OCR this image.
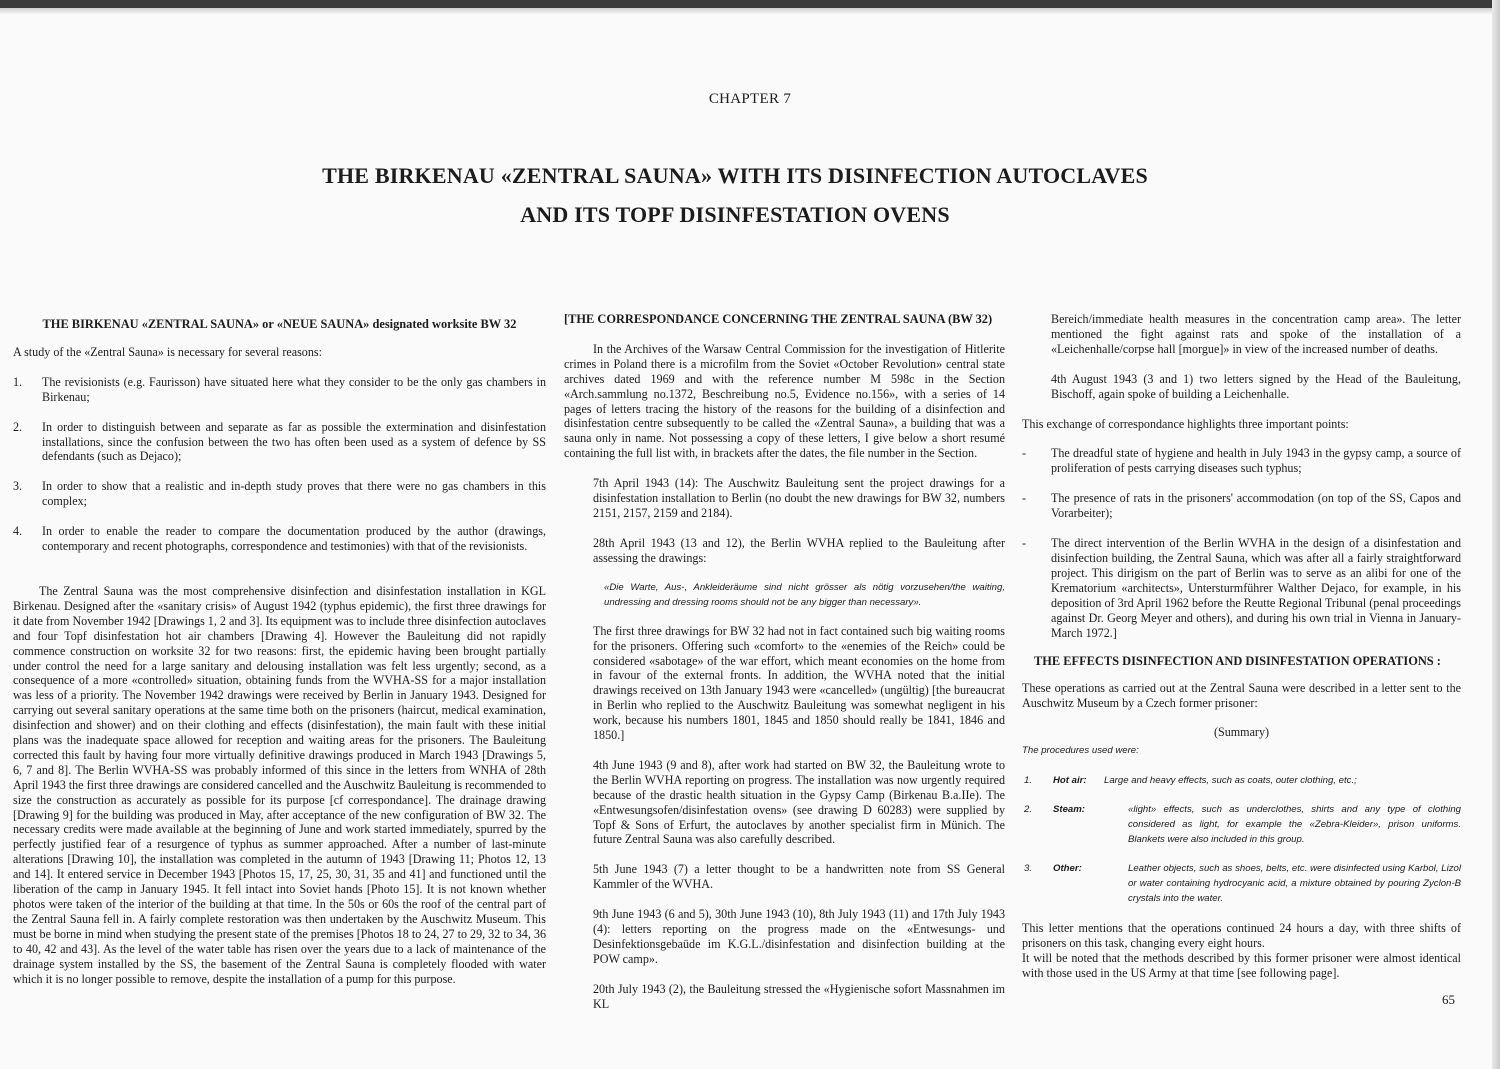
CHAPTER 7
THE BIRKENAU «ZENTRAL SAUNA» WITH ITS DISINFECTION AUTOCLAVES
AND ITS TOPF DISINFESTATION OVENS
THE BIRKENAU «ZENTRAL SAUNA» or «NEUE SAUNA» designated worksite BW 32

A study of the «Zentral Sauna» is necessary for several reasons:

1. The revisionists (e.g. Faurisson) have situated here what they consider to be the only gas chambers in Birkenau;
2. In order to distinguish between and separate as far as possible the extermination and disinfestation installations, since the confusion between the two has often been used as a system of defence by SS defendants (such as Dejaco);
3. In order to show that a realistic and in-depth study proves that there were no gas chambers in this complex;
4. In order to enable the reader to compare the documentation produced by the author (drawings, contemporary and recent photographs, correspondence and testimonies) with that of the revisionists.

The Zentral Sauna was the most comprehensive disinfection and disinfestation installation in KGL Birkenau. Designed after the «sanitary crisis» of August 1942 (typhus epidemic), the first three drawings for it date from November 1942 [Drawings 1, 2 and 3]. Its equipment was to include three disinfection autoclaves and four Topf disinfestation hot air chambers [Drawing 4]. However the Bauleitung did not rapidly commence construction on worksite 32 for two reasons: first, the epidemic having been brought partially under control the need for a large sanitary and delousing installation was felt less urgently; second, as a consequence of a more «controlled» situation, obtaining funds from the WVHA-SS for a major installation was less of a priority. The November 1942 drawings were received by Berlin in January 1943. Designed for carrying out several sanitary operations at the same time both on the prisoners (haircut, medical examination, disinfection and shower) and on their clothing and effects (disinfestation), the main fault with these initial plans was the inadequate space allowed for reception and waiting areas for the prisoners. The Bauleitung corrected this fault by having four more virtually definitive drawings produced in March 1943 [Drawings 5, 6, 7 and 8]. The Berlin WVHA-SS was probably informed of this since in the letters from WNHA of 28th April 1943 the first three drawings are considered cancelled and the Auschwitz Bauleitung is recommended to size the construction as accurately as possible for its purpose [cf correspondance]. The drainage drawing [Drawing 9] for the building was produced in May, after acceptance of the new configuration of BW 32. The necessary credits were made available at the beginning of June and work started immediately, spurred by the perfectly justified fear of a resurgence of typhus as summer approached. After a number of last-minute alterations [Drawing 10], the installation was completed in the autumn of 1943 [Drawing 11; Photos 12, 13 and 14]. It entered service in December 1943 [Photos 15, 17, 25, 30, 31, 35 and 41] and functioned until the liberation of the camp in January 1945. It fell intact into Soviet hands [Photo 15]. It is not known whether photos were taken of the interior of the building at that time. In the 50s or 60s the roof of the central part of the Zentral Sauna fell in. A fairly complete restoration was then undertaken by the Auschwitz Museum. This must be borne in mind when studying the present state of the premises [Photos 18 to 24, 27 to 29, 32 to 34, 36 to 40, 42 and 43]. As the level of the water table has risen over the years due to a lack of maintenance of the drainage system installed by the SS, the basement of the Zentral Sauna is completely flooded with water which it is no longer possible to remove, despite the installation of a pump for this purpose.

[THE CORRESPONDANCE CONCERNING THE ZENTRAL SAUNA (BW 32)

In the Archives of the Warsaw Central Commission for the investigation of Hitlerite crimes in Poland there is a microfilm from the Soviet «October Revolution» central state archives dated 1969 and with the reference number M 598c in the Section «Arch.sammlung no.1372, Beschreibung no.5, Evidence no.156», with a series of 14 pages of letters tracing the history of the reasons for the building of a disinfection and disinfestation centre subsequently to be called the «Zentral Sauna», a building that was a sauna only in name. Not possessing a copy of these letters, I give below a short resumé containing the full list with, in brackets after the dates, the file number in the Section.

7th April 1943 (14): The Auschwitz Bauleitung sent the project drawings for a disinfestation installation to Berlin (no doubt the new drawings for BW 32, numbers 2151, 2157, 2159 and 2184).

28th April 1943 (13 and 12), the Berlin WVHA replied to the Bauleitung after assessing the drawings:

«Die Warte, Aus-, Ankleideräume sind nicht grösser als nötig vorzusehen/the waiting, undressing and dressing rooms should not be any bigger than necessary».

The first three drawings for BW 32 had not in fact contained such big waiting rooms for the prisoners. Offering such «comfort» to the «enemies of the Reich» could be considered «sabotage» of the war effort, which meant economies on the home from in favour of the external fronts. In addition, the WVHA noted that the initial drawings received on 13th January 1943 were «cancelled» (ungültig) [the bureaucrat in Berlin who replied to the Auschwitz Bauleitung was somewhat negligent in his work, because his numbers 1801, 1845 and 1850 should really be 1841, 1846 and 1850.]

4th June 1943 (9 and 8), after work had started on BW 32, the Bauleitung wrote to the Berlin WVHA reporting on progress. The installation was now urgently required because of the drastic health situation in the Gypsy Camp (Birkenau B.a.IIe). The «Entwesungsofen/disinfestation ovens» (see drawing D 60283) were supplied by Topf & Sons of Erfurt, the autoclaves by another specialist firm in Münich. The future Zentral Sauna was also carefully described.

5th June 1943 (7) a letter thought to be a handwritten note from SS General Kammler of the WVHA.

9th June 1943 (6 and 5), 30th June 1943 (10), 8th July 1943 (11) and 17th July 1943 (4): letters reporting on the progress made on the «Entwesungs- und Desinfektionsgebaüde im K.G.L./disinfestation and disinfection building at the POW camp».

20th July 1943 (2), the Bauleitung stressed the «Hygienische sofort Massnahmen im KL

Bereich/immediate health measures in the concentration camp area». The letter mentioned the fight against rats and spoke of the installation of a «Leichenhalle/corpse hall [morgue]» in view of the increased number of deaths.

4th August 1943 (3 and 1) two letters signed by the Head of the Bauleitung, Bischoff, again spoke of building a Leichenhalle.

This exchange of correspondance highlights three important points:

- The dreadful state of hygiene and health in July 1943 in the gypsy camp, a source of proliferation of pests carrying diseases such typhus;
- The presence of rats in the prisoners' accommodation (on top of the SS, Capos and Vorarbeiter);
- The direct intervention of the Berlin WVHA in the design of a disinfestation and disinfection building, the Zentral Sauna, which was after all a fairly straightforward project. This dirigism on the part of Berlin was to serve as an alibi for one of the Krematorium «architects», Untersturmführer Walther Dejaco, for example, in his deposition of 3rd April 1962 before the Reutte Regional Tribunal (penal proceedings against Dr. Georg Meyer and others), and during his own trial in Vienna in January-March 1972.]
THE EFFECTS DISINFECTION AND DISINFESTATION OPERATIONS :

These operations as carried out at the Zentral Sauna were described in a letter sent to the Auschwitz Museum by a Czech former prisoner:

(Summary)

The procedures used were:

1. Hot air: Large and heavy effects, such as coats, outer clothing, etc.;
2. Steam:	«light» effects, such as underclothes, shirts and any type of clothing considered as light, for example the «Zebra-Kleider», prison uniforms. Blankets were also included in this group.
3. Other:	Leather objects, such as shoes, belts, etc. were disinfected using Karbol, Lizol or water containing hydrocyanic acid, a mixture obtained by pouring Zyclon-B crystals into the water.

This letter mentions that the operations continued 24 hours a day, with three shifts of prisoners on this task, changing every eight hours.

It will be noted that the methods described by this former prisoner were almost identical with those used in the US Army at that time [see following page].

65
